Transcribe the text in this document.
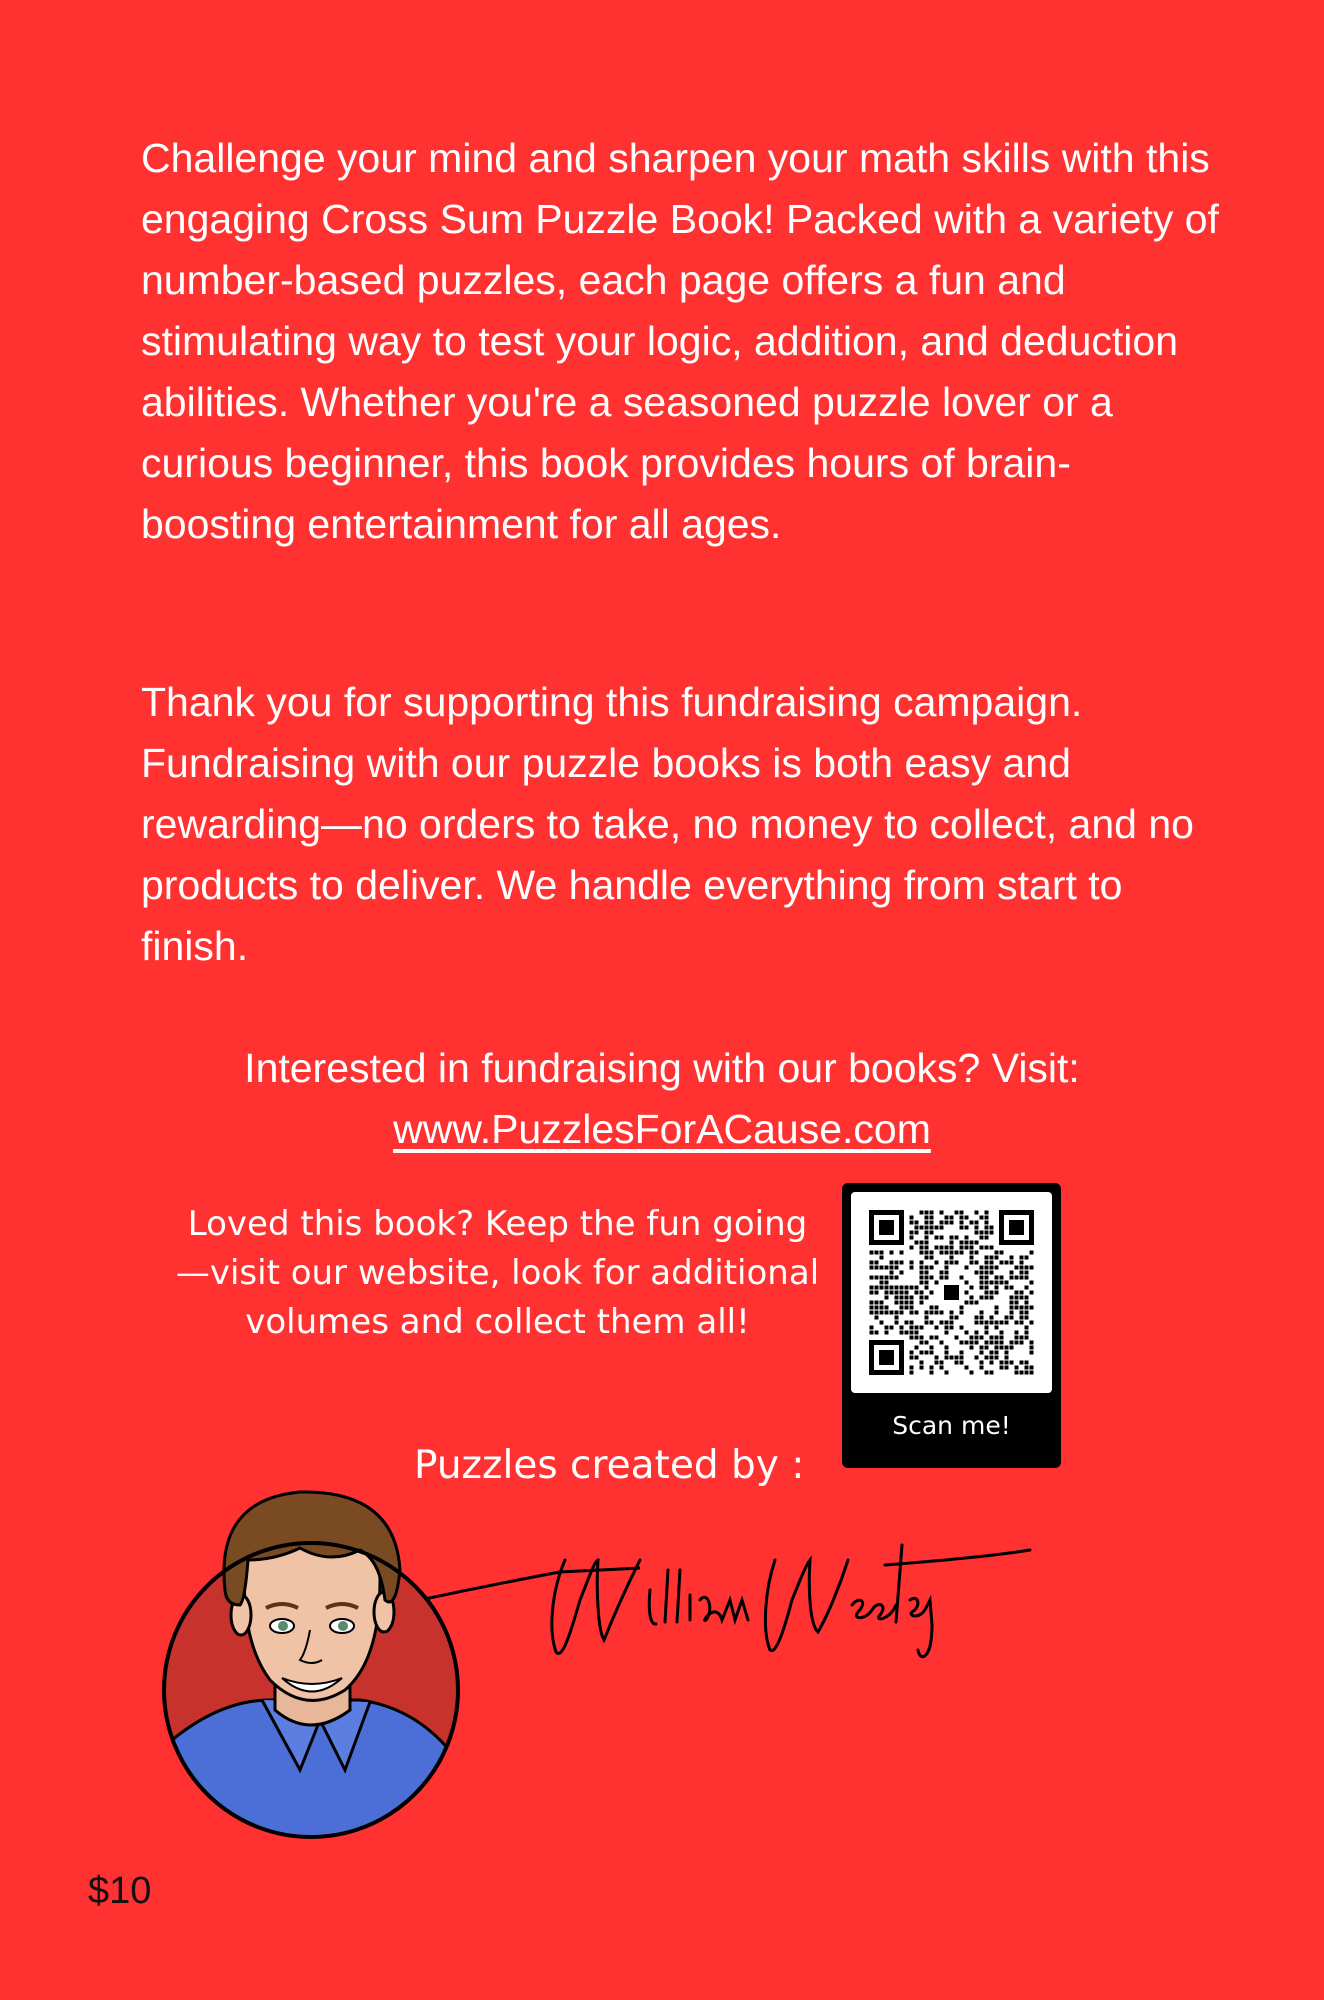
Challenge your mind and sharpen your math skills with this engaging Cross Sum Puzzle Book! Packed with a variety of number-based puzzles, each page offers a fun and stimulating way to test your logic, addition, and deduction abilities. Whether you're a seasoned puzzle lover or a curious beginner, this book provides hours of brain-boosting entertainment for all ages.

Thank you for supporting this fundraising campaign. Fundraising with our puzzle books is both easy and rewarding—no orders to take, no money to collect, and no products to deliver. We handle everything from start to finish.

Interested in fundraising with our books? Visit:
www.PuzzlesForACause.com

Loved this book? Keep the fun going —visit our website, look for additional volumes and collect them all!

Scan me!

Puzzles created by :

$10
